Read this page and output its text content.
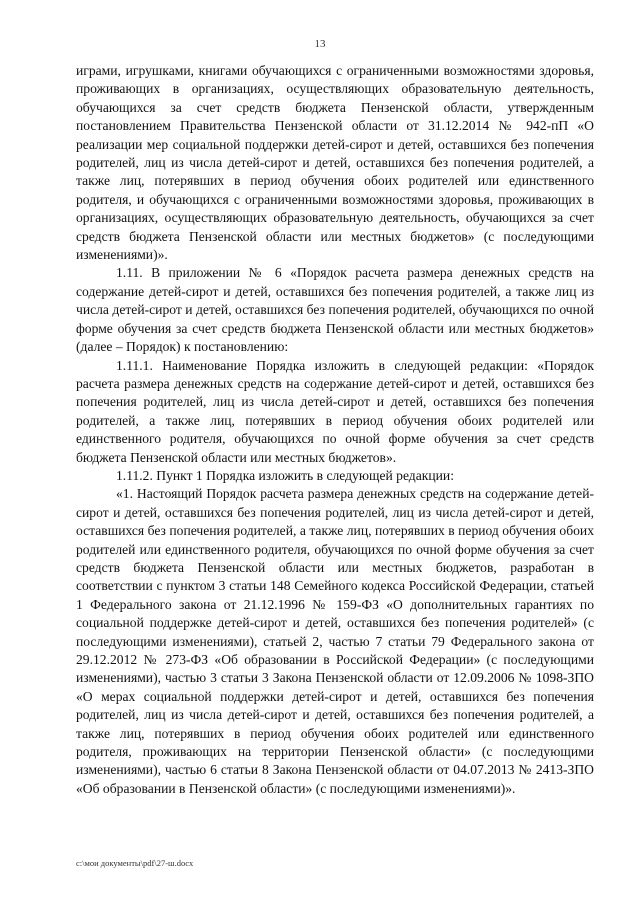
13

играми, игрушками, книгами обучающихся с ограниченными возможностями здоровья, проживающих в организациях, осуществляющих образовательную деятельность, обучающихся за счет средств бюджета Пензенской области, утвержденным постановлением Правительства Пензенской области от 31.12.2014 № 942-пП «О реализации мер социальной поддержки детей-сирот и детей, оставшихся без попечения родителей, лиц из числа детей-сирот и детей, оставшихся без попечения родителей, а также лиц, потерявших в период обучения обоих родителей или единственного родителя, и обучающихся с ограниченными возможностями здоровья, проживающих в организациях, осуществляющих образовательную деятельность, обучающихся за счет средств бюджета Пензенской области или местных бюджетов» (с последующими изменениями)».

1.11. В приложении № 6 «Порядок расчета размера денежных средств на содержание детей-сирот и детей, оставшихся без попечения родителей, а также лиц из числа детей-сирот и детей, оставшихся без попечения родителей, обучающихся по очной форме обучения за счет средств бюджета Пензенской области или местных бюджетов» (далее – Порядок) к постановлению:

1.11.1. Наименование Порядка изложить в следующей редакции: «Порядок расчета размера денежных средств на содержание детей-сирот и детей, оставшихся без попечения родителей, лиц из числа детей-сирот и детей, оставшихся без попечения родителей, а также лиц, потерявших в период обучения обоих родителей или единственного родителя, обучающихся по очной форме обучения за счет средств бюджета Пензенской области или местных бюджетов».

1.11.2. Пункт 1 Порядка изложить в следующей редакции:

«1. Настоящий Порядок расчета размера денежных средств на содержание детей-сирот и детей, оставшихся без попечения родителей, лиц из числа детей-сирот и детей, оставшихся без попечения родителей, а также лиц, потерявших в период обучения обоих родителей или единственного родителя, обучающихся по очной форме обучения за счет средств бюджета Пензенской области или местных бюджетов, разработан в соответствии с пунктом 3 статьи 148 Семейного кодекса Российской Федерации, статьей 1 Федерального закона от 21.12.1996 № 159-ФЗ «О дополнительных гарантиях по социальной поддержке детей-сирот и детей, оставшихся без попечения родителей» (с последующими изменениями), статьей 2, частью 7 статьи 79 Федерального закона от 29.12.2012 № 273-ФЗ «Об образовании в Российской Федерации» (с последующими изменениями), частью 3 статьи 3 Закона Пензенской области от 12.09.2006 № 1098-ЗПО «О мерах социальной поддержки детей-сирот и детей, оставшихся без попечения родителей, лиц из числа детей-сирот и детей, оставшихся без попечения родителей, а также лиц, потерявших в период обучения обоих родителей или единственного родителя, проживающих на территории Пензенской области» (с последующими изменениями), частью 6 статьи 8 Закона Пензенской области от 04.07.2013 № 2413-ЗПО «Об образовании в Пензенской области» (с последующими изменениями)».

c:\мои документы\pdf\27-ш.docx
